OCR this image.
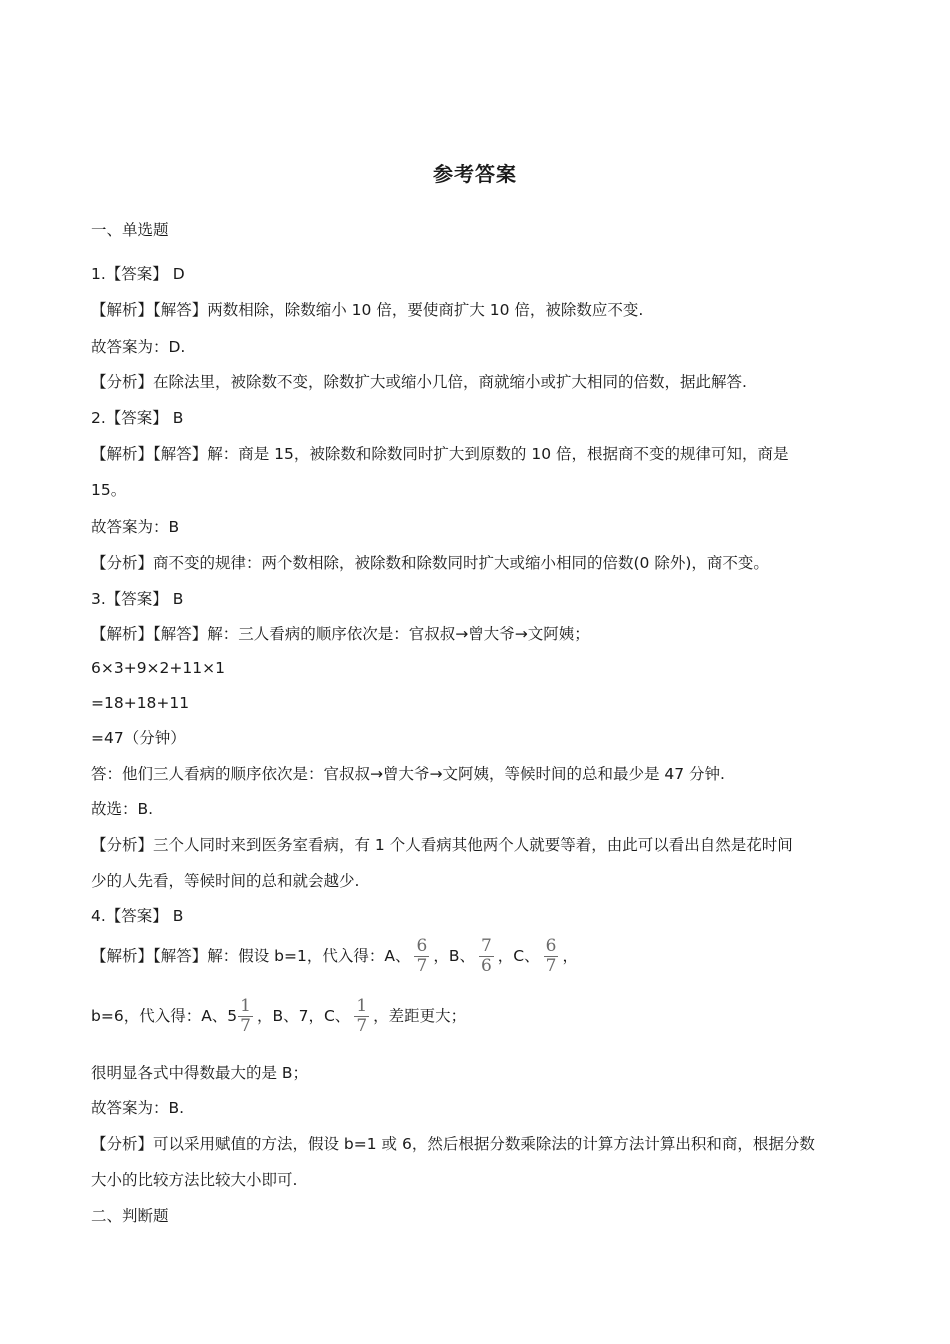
参考答案
一、单选题
1.【答案】 D
【解析】【解答】两数相除，除数缩小 10 倍，要使商扩大 10 倍，被除数应不变.
故答案为：D.
【分析】在除法里，被除数不变，除数扩大或缩小几倍，商就缩小或扩大相同的倍数，据此解答.
2.【答案】 B
【解析】【解答】解：商是 15，被除数和除数同时扩大到原数的 10 倍，根据商不变的规律可知，商是
15。
故答案为：B
【分析】商不变的规律：两个数相除，被除数和除数同时扩大或缩小相同的倍数(0 除外)，商不变。
3.【答案】 B
【解析】【解答】解：三人看病的顺序依次是：官叔叔→曾大爷→文阿姨；
6×3+9×2+11×1
=18+18+11
=47（分钟）
答：他们三人看病的顺序依次是：官叔叔→曾大爷→文阿姨，等候时间的总和最少是 47 分钟.
故选：B.
【分析】三个人同时来到医务室看病，有 1 个人看病其他两个人就要等着，由此可以看出自然是花时间
少的人先看，等候时间的总和就会越少.
4.【答案】 B
【解析】【解答】解：假设 b=1，代入得：A、 $\frac{6}{7}$ ，B、 $\frac{7}{6}$ ，C、 $\frac{6}{7}$ ，
b=6，代入得：A、$5 \frac{1}{7}$ ，B、7，C、 $\frac{1}{7}$ ，差距更大；
很明显各式中得数最大的是 B；
故答案为：B.
【分析】可以采用赋值的方法，假设 b=1 或 6，然后根据分数乘除法的计算方法计算出积和商，根据分数
大小的比较方法比较大小即可.
二、判断题
